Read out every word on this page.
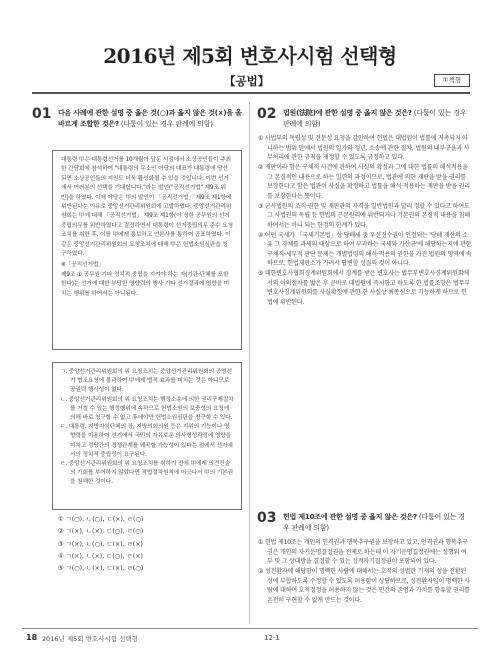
2016년 제5회 변호사시험 선택형
【공법】	①책형
01 다음 사례에 관한 설명 중 옳은 것(○)과 옳지 않은 것(×)을 올바르게 조합한 것은? (다툼이 있는 경우 판례에 의함)

대통령 甲은 대통령선거를 10개월여 앞둔 시점에서 소상공인들이 주최한 간담회에 참석하여 "대통령의 무소인 여당의 대표가 대통령에 당선되면 소상공인들의 지원도 더욱 활성화될 수 있을 것입니다. 이번 선거에서 여러분의 선택을 기대합니다."라는 발언("공직선거법" 제9조 위반)을 하였다. 이에 야당은 甲의 발언이 「공직선거법」 제9조 제1항에 위반된다는 이유로 중앙선거관리위원회에 고발하였다. 중앙선거관리위원회는 甲에 대해 「공직선거법」 제9조 제1항(이 정한 공무원의 선거중립의무를 위반하였다고 결정하면서 대통령이 선거중립의무 준수 요청조치를 취한 후, 이를 甲에게 통보하고 언론사를 통하여 공표하였다. 이 같은 중앙선거관리위원회의 요청조치에 대해 甲은 헌법소원심판을 청구하였다.

※「공직선거법」

제9조 ① 공무원 기타 정치적 중립을 지켜야 하는 자(기관·단체를 포함한다)는 선거에 대한 부당한 영향력의 행사 기타 선거결과에 영향을 미치는 행위를 하여서는 아니된다.

ㄱ. 중앙선거관리위원회의 위 요청조치는 중앙선거관리위원회의 공명선거 협조요청에 불과하여 甲에게 법적 효과를 미치는 것은 아니므로 공권력 행사성이 없다.
ㄴ. 중앙선거관리위원회의 위 요청조치는 행정소송에 의한 권리구제절차를 거칠 수 있는 행정행위에 속하므로 헌법소원의 보충성의 요청에 의해 바로 청구할 수 없고 후에야만 헌법소원심판을 청구할 수 있다.
ㄷ. 대통령, 지방자치단체의 장, 지방의회의원 등은 지위의 기능이나 영향력을 이용하여 선거에서 국민의 자유로운 의사형성과정에 영향을 미치고 정당간의 경쟁관계를 왜곡할 가능성이 있다는 점에서 선거에서의 정치적 중립성이 요구된다.
ㄹ. 중앙선거관리위원회의 위 요청조치를 취하기 전에 甲에게 의견진술의 기회를 부여하지 않았다면 적법절차원칙에 어긋나서 甲의 기본권을 침해한 것이다.
① ㄱ(○), ㄴ(○), ㄷ(×), ㄹ(○)
② ㄱ(×), ㄴ(×), ㄷ(○), ㄹ(○)
③ ㄱ(×), ㄴ(○), ㄷ(×), ㄹ(×)
④ ㄱ(×), ㄴ(×), ㄷ(○), ㄹ(×)
⑤ ㄱ(○), ㄴ(×), ㄷ(×), ㄹ(○)
02 법원(法院)에 관한 설명 중 옳지 않은 것은? (다툼이 있는 경우 판례에 의함)
① 사법부의 독립성 및 전문성 요청을 감안하여 헌법은 대법원이 법률에 저촉되지 아니하는 범위 안에서 법원의 일가와 정년, 소송에 관한 절차, 법원의 내부규율과 사무처리에 관한 규칙을 제정할 수 있도록 규정하고 있다.
② 재판이라 함은 구체적 사건에 관하여 사실의 확정과 그에 대한 법률의 해석적용을 그 본질적인 내용으로 하는 일련의 과정이므로, 법관에 의한 재판을 받을 권리를 보장한다고 함은 법관이 사실을 확정하고 법률을 해석·적용하는 재판을 받을 권리를 보장한다는 뜻이다.
③ 군사법원의 조직·권한 및 재판관의 자격을 일반법원과 달리 정할 수 있다고 하여도 그 사법권의 독립 등 헌법의 근본원리에 위반되거나 기본권의 본질적 내용을 침해하여서는 아니 되는 한정의 한계가 있다.
④ 어떤 국세가 「국세기본법」상 당해세 중 우선징수권이 인정되는 '당해 재산의 소유 그 자체를 과세의 대상으로 하여 부과하는 국세와 가산금'에 해당하는지에 관한 구체적·세부적 판단 문제는 개별법령의 해석·적용의 권한을 가진 법원의 영역에 속하므로, 헌법재판소가 가려서 답변할 성질의 것이 아니다.
⑤ 대한변호사협회징계위원회에서 징계를 받은 변호사는 법무부변호사징계위원회에서의 이의절차를 밟은 후 곧바로 대법원에 즉시항고 하도록 한 법률조항은 법무부변호사징계위원회를 사실확정에 관한 한 사실상 최종심으로 기능하게 하므로 헌법에 위반된다.
03 헌법 제10조에 관한 설명 중 옳지 않은 것은? (다툼이 있는 경우 판례에 의함)
① 헌법 제10조는 개인의 인격권과 행복추구권을 보장하고 있고, 인격권과 행복추구권은 개인의 자기운명결정권을 전제로 하는데 이 자기운명결정권에는 성행위 여부 및 그 상대방을 결정할 수 있는 성적자기결정권이 포함되어 있다.
② 성전환자에 해당함이 명백한 사람에 대해서는 호적의 성별란 기재의 성을 전환된 성에 부합하도록 수정할 수 있도록 허용함이 상당하므로, 성전환자임이 명백한 사람에 대하여 호적정정을 허용하지 않는 것은 인간의 존엄과 가치를 향유할 권리를 온전히 구현할 수 없게 만드는 것이다.
18 2016년 제5회 변호사시험 선택형	12-1
